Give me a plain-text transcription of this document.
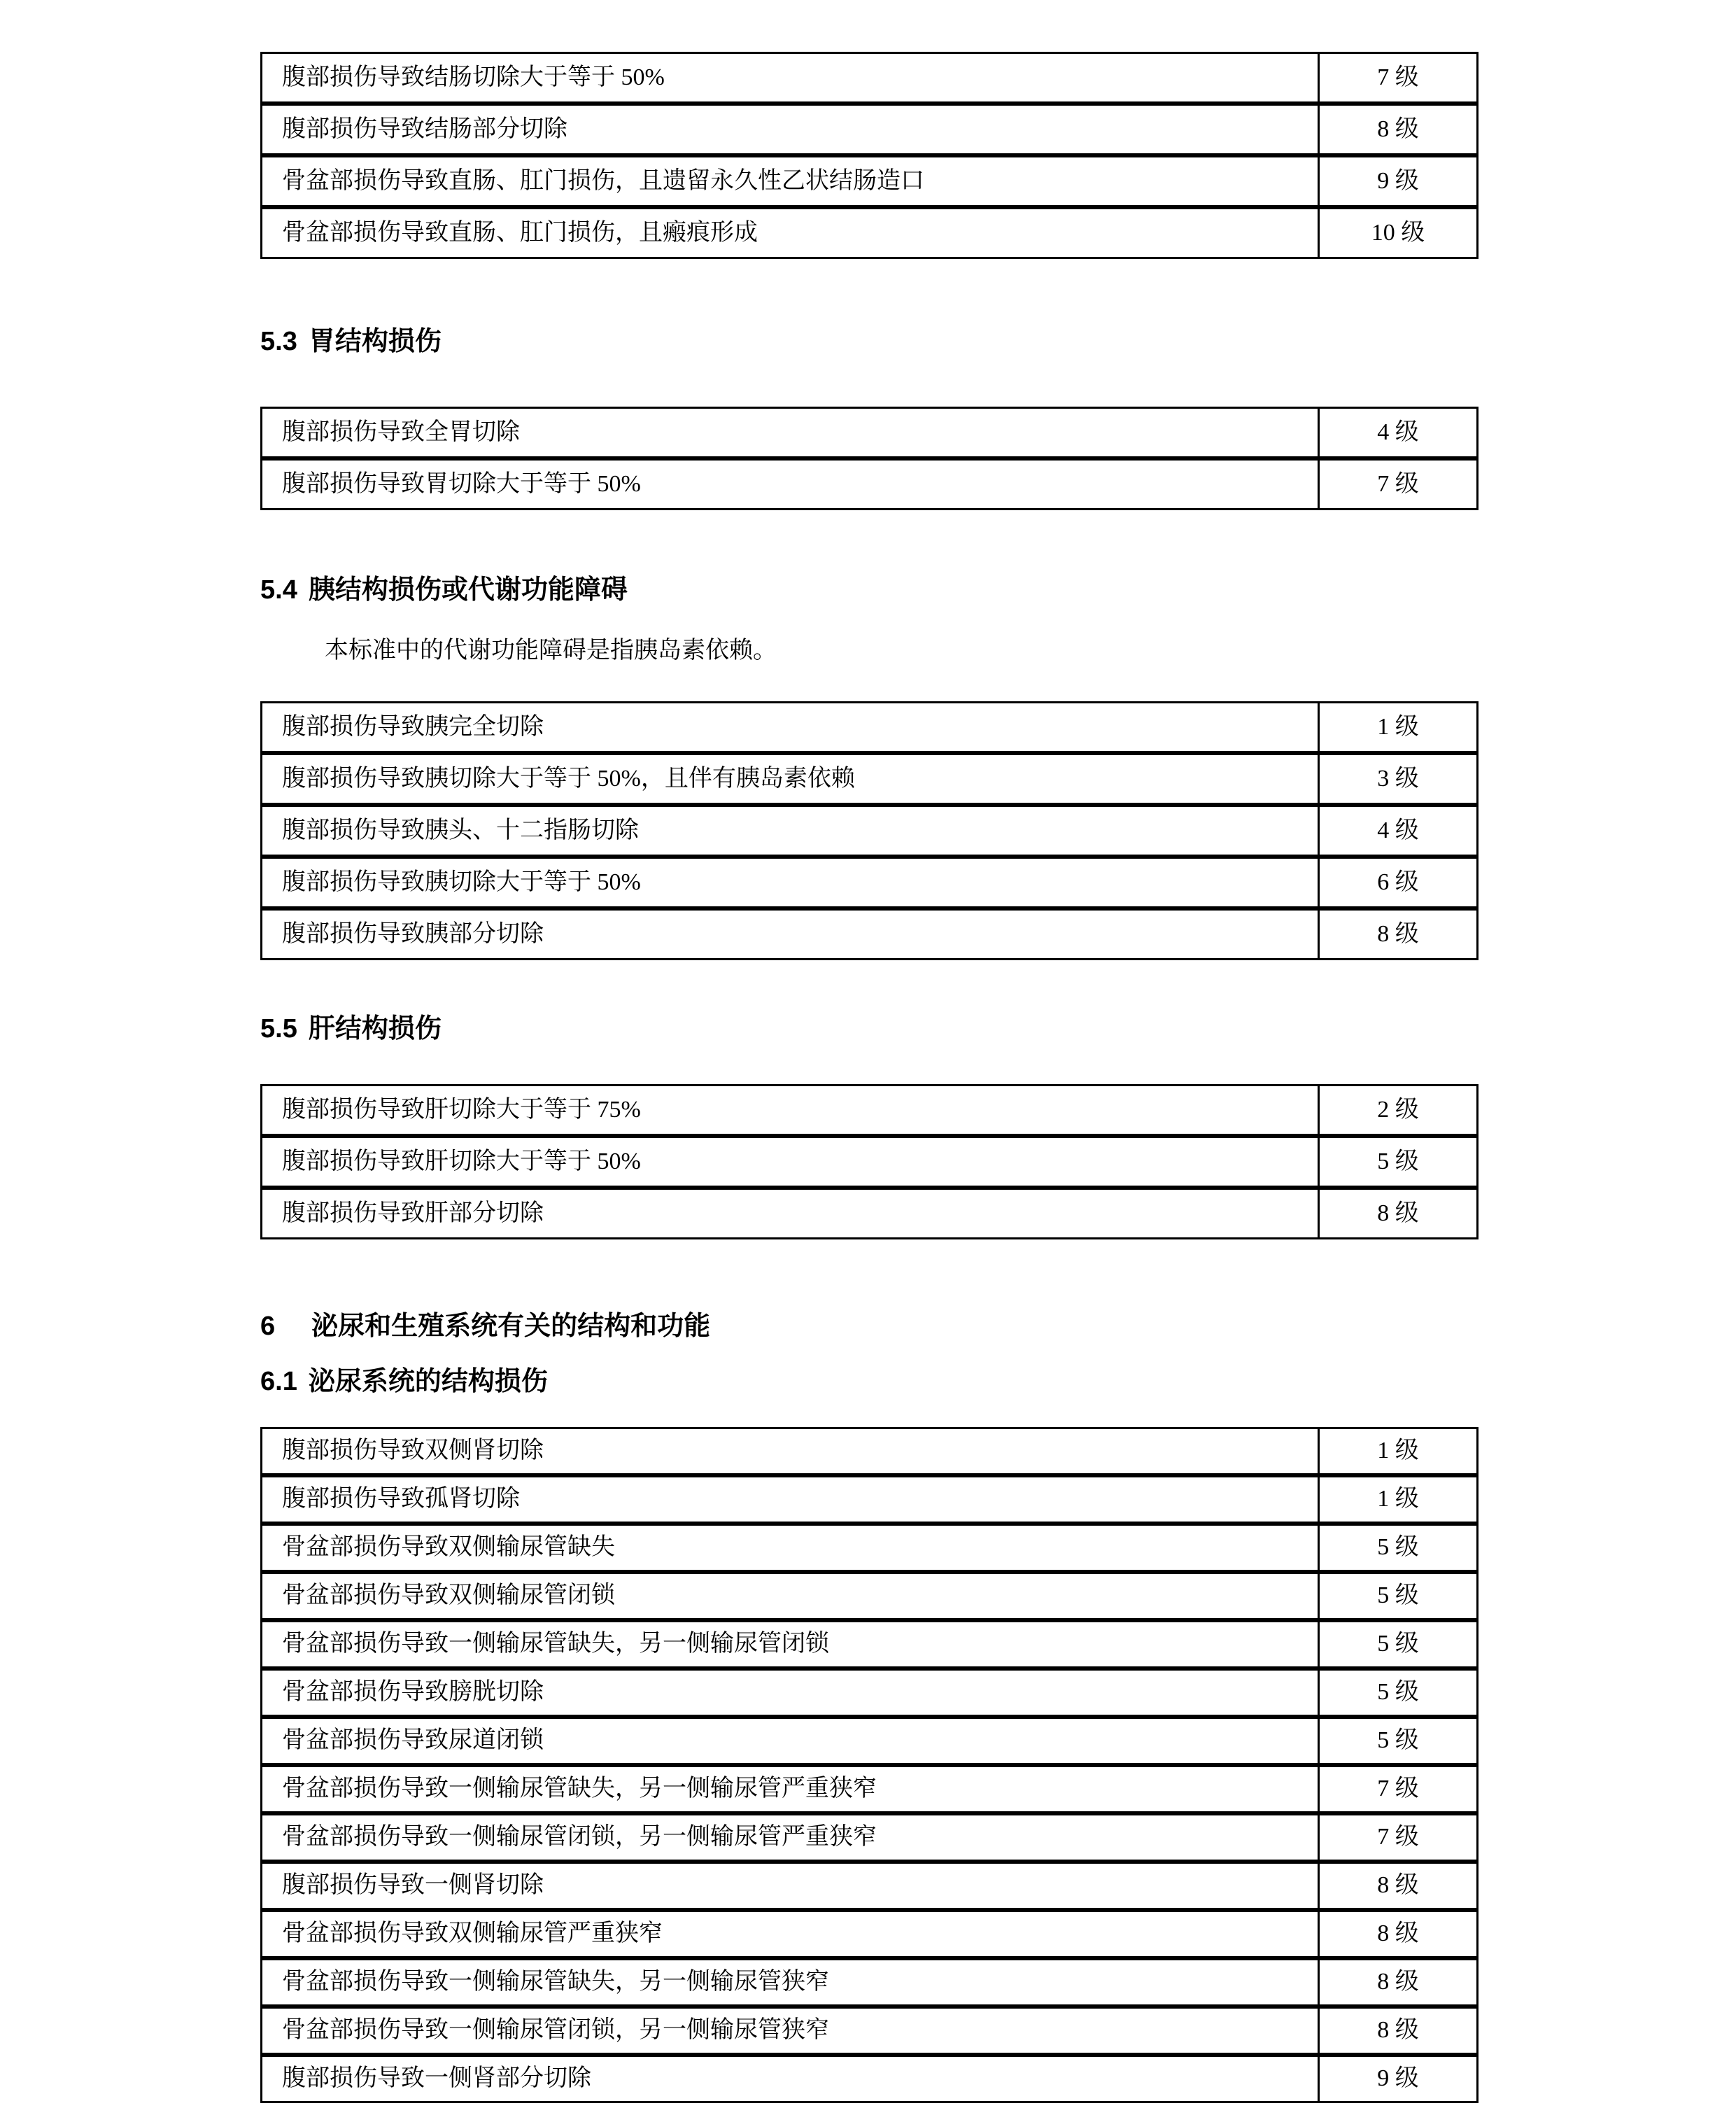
腹部损伤导致结肠切除大于等于 50%	7 级
腹部损伤导致结肠部分切除	8 级
骨盆部损伤导致直肠、肛门损伤，且遗留永久性乙状结肠造口	9 级
骨盆部损伤导致直肠、肛门损伤，且瘢痕形成	10 级
5.3 胃结构损伤
腹部损伤导致全胃切除	4 级
腹部损伤导致胃切除大于等于 50%	7 级
5.4 胰结构损伤或代谢功能障碍
本标准中的代谢功能障碍是指胰岛素依赖。
腹部损伤导致胰完全切除	1 级
腹部损伤导致胰切除大于等于 50%，且伴有胰岛素依赖	3 级
腹部损伤导致胰头、十二指肠切除	4 级
腹部损伤导致胰切除大于等于 50%	6 级
腹部损伤导致胰部分切除	8 级
5.5 肝结构损伤
腹部损伤导致肝切除大于等于 75%	2 级
腹部损伤导致肝切除大于等于 50%	5 级
腹部损伤导致肝部分切除	8 级
6 泌尿和生殖系统有关的结构和功能
6.1 泌尿系统的结构损伤
腹部损伤导致双侧肾切除	1 级
腹部损伤导致孤肾切除	1 级
骨盆部损伤导致双侧输尿管缺失	5 级
骨盆部损伤导致双侧输尿管闭锁	5 级
骨盆部损伤导致一侧输尿管缺失，另一侧输尿管闭锁	5 级
骨盆部损伤导致膀胱切除	5 级
骨盆部损伤导致尿道闭锁	5 级
骨盆部损伤导致一侧输尿管缺失，另一侧输尿管严重狭窄	7 级
骨盆部损伤导致一侧输尿管闭锁，另一侧输尿管严重狭窄	7 级
腹部损伤导致一侧肾切除	8 级
骨盆部损伤导致双侧输尿管严重狭窄	8 级
骨盆部损伤导致一侧输尿管缺失，另一侧输尿管狭窄	8 级
骨盆部损伤导致一侧输尿管闭锁，另一侧输尿管狭窄	8 级
腹部损伤导致一侧肾部分切除	9 级
